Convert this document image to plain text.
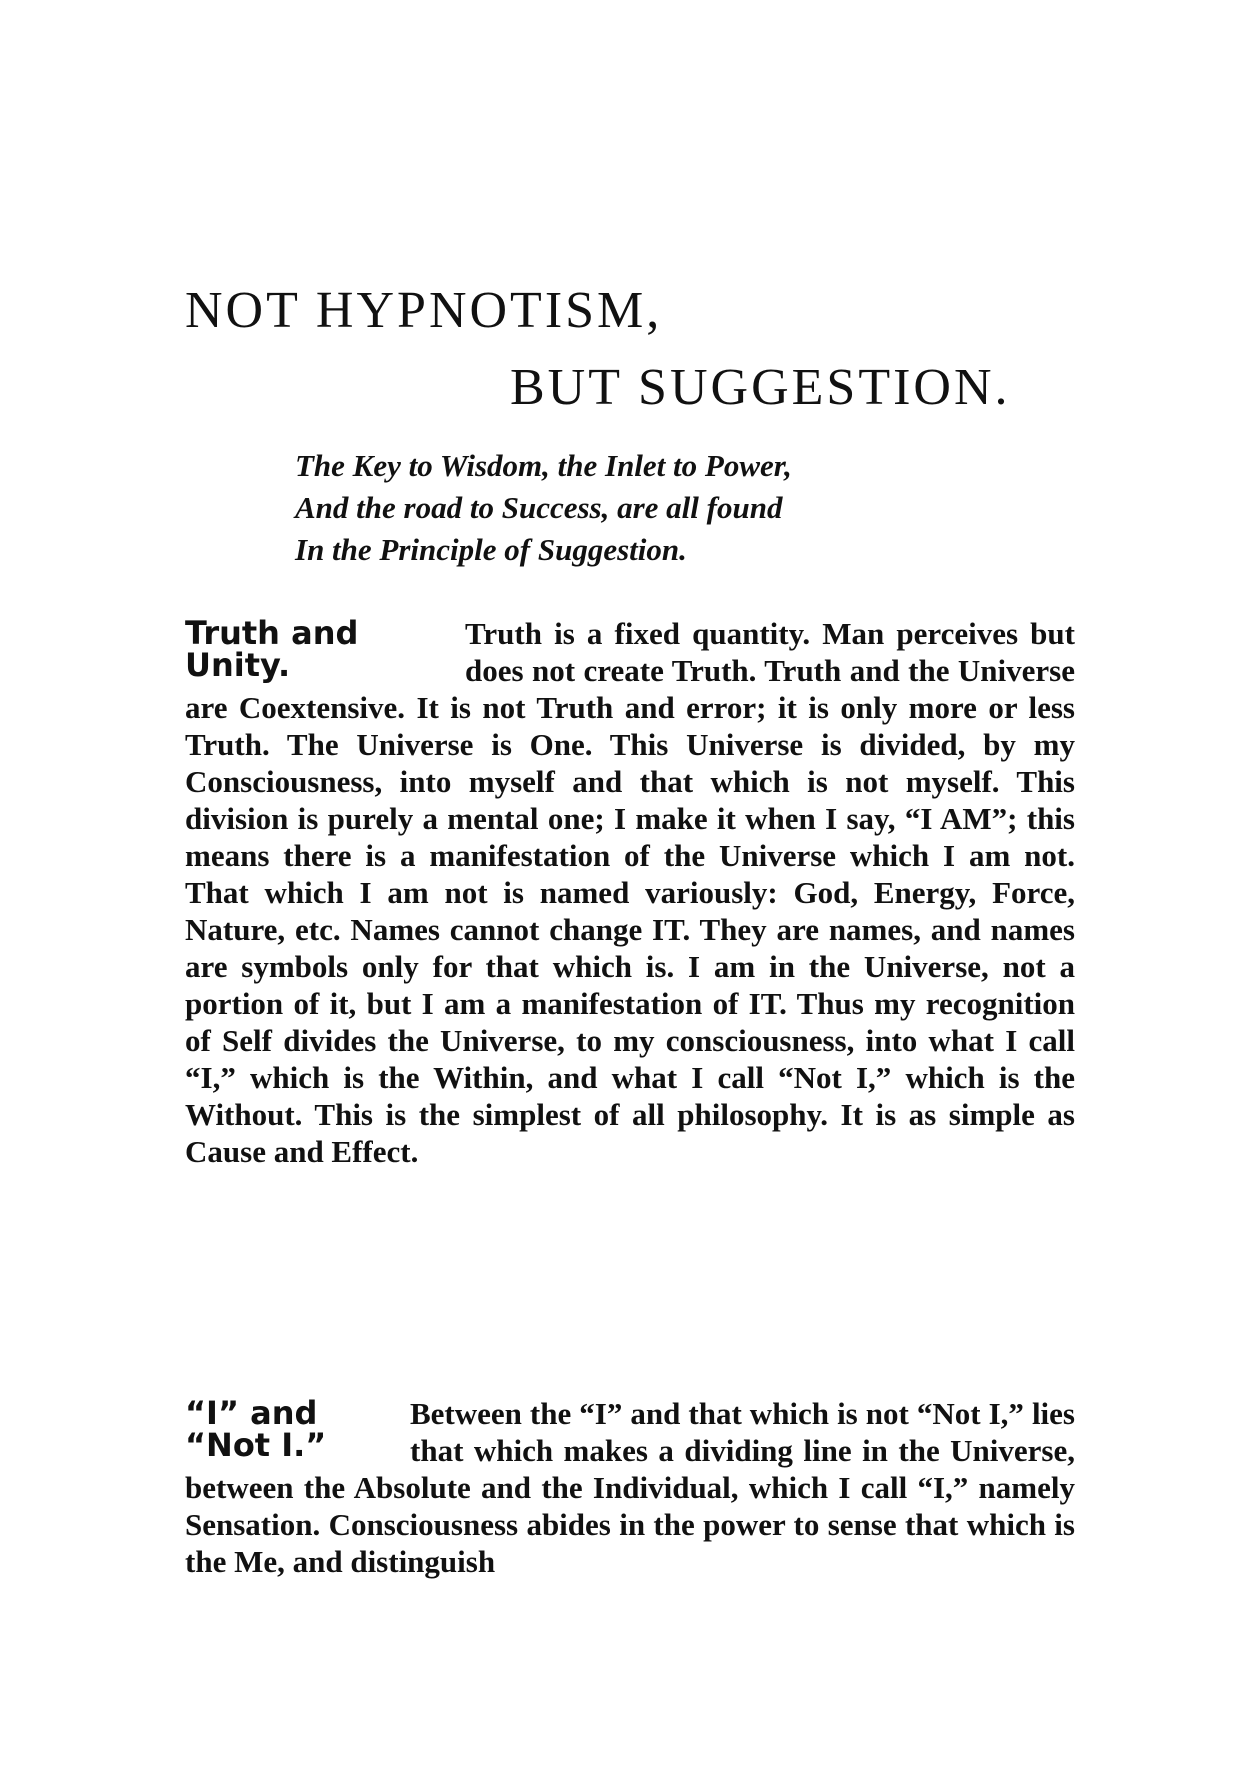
NOT HYPNOTISM,
BUT SUGGESTION.
The Key to Wisdom, the Inlet to Power,
And the road to Success, are all found
In the Principle of Suggestion.
Truth and
Unity.

Truth is a fixed quantity. Man perceives but does not create Truth. Truth and the Universe are Coextensive. It is not Truth and error; it is only more or less Truth. The Universe is One. This Universe is divided, by my Consciousness, into myself and that which is not myself. This division is purely a mental one; I make it when I say, “I AM”; this means there is a manifestation of the Universe which I am not. That which I am not is named variously: God, Energy, Force, Nature, etc. Names cannot change IT. They are names, and names are symbols only for that which is. I am in the Universe, not a portion of it, but I am a manifestation of IT. Thus my recognition of Self divides the Universe, to my consciousness, into what I call “I,” which is the Within, and what I call “Not I,” which is the Without. This is the simplest of all philosophy. It is as simple as Cause and Effect.

“I” and
“Not I.”

Between the “I” and that which is not “Not I,” lies that which makes a dividing line in the Universe, between the Absolute and the Individual, which I call “I,” namely Sensation. Consciousness abides in the power to sense that which is the Me, and distinguish
